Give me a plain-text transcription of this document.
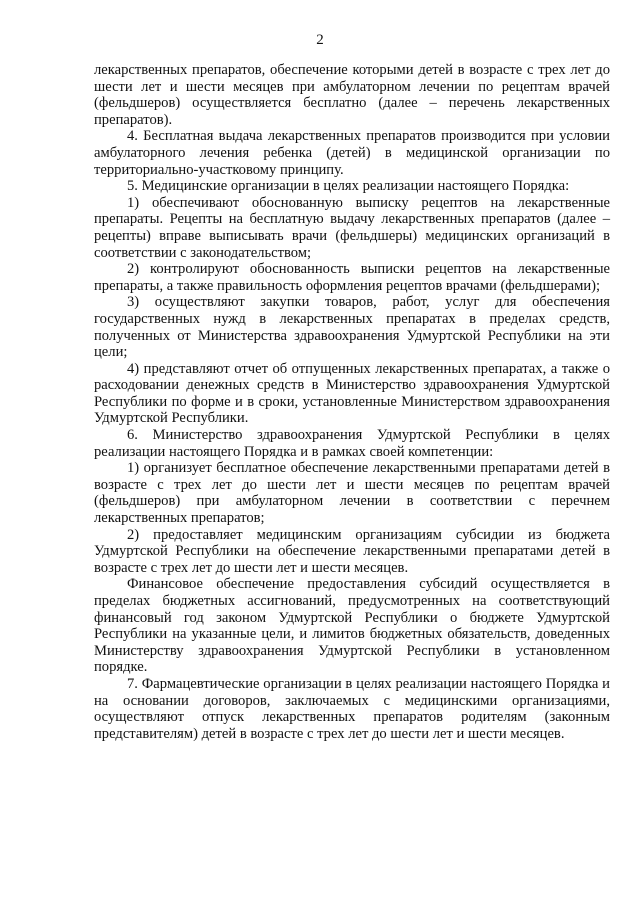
2

лекарственных препаратов, обеспечение которыми детей в возрасте с трех лет до шести лет и шести месяцев при амбулаторном лечении по рецептам врачей (фельдшеров) осуществляется бесплатно (далее – перечень лекарственных препаратов).

4. Бесплатная выдача лекарственных препаратов производится при условии амбулаторного лечения ребенка (детей) в медицинской организации по территориально-участковому принципу.

5. Медицинские организации в целях реализации настоящего Порядка:

1) обеспечивают обоснованную выписку рецептов на лекарственные препараты. Рецепты на бесплатную выдачу лекарственных препаратов (далее – рецепты) вправе выписывать врачи (фельдшеры) медицинских организаций в соответствии с законодательством;

2) контролируют обоснованность выписки рецептов на лекарственные препараты, а также правильность оформления рецептов врачами (фельдшерами);

3) осуществляют закупки товаров, работ, услуг для обеспечения государственных нужд в лекарственных препаратах в пределах средств, полученных от Министерства здравоохранения Удмуртской Республики на эти цели;

4) представляют отчет об отпущенных лекарственных препаратах, а также о расходовании денежных средств в Министерство здравоохранения Удмуртской Республики по форме и в сроки, установленные Министерством здравоохранения Удмуртской Республики.

6. Министерство здравоохранения Удмуртской Республики в целях реализации настоящего Порядка и в рамках своей компетенции:

1) организует бесплатное обеспечение лекарственными препаратами детей в возрасте с трех лет до шести лет и шести месяцев по рецептам врачей (фельдшеров) при амбулаторном лечении в соответствии с перечнем лекарственных препаратов;

2) предоставляет медицинским организациям субсидии из бюджета Удмуртской Республики на обеспечение лекарственными препаратами детей в возрасте с трех лет до шести лет и шести месяцев.

Финансовое обеспечение предоставления субсидий осуществляется в пределах бюджетных ассигнований, предусмотренных на соответствующий финансовый год законом Удмуртской Республики о бюджете Удмуртской Республики на указанные цели, и лимитов бюджетных обязательств, доведенных Министерству здравоохранения Удмуртской Республики в установленном порядке.

7. Фармацевтические организации в целях реализации настоящего Порядка и на основании договоров, заключаемых с медицинскими организациями, осуществляют отпуск лекарственных препаратов родителям (законным представителям) детей в возрасте с трех лет до шести лет и шести месяцев.
